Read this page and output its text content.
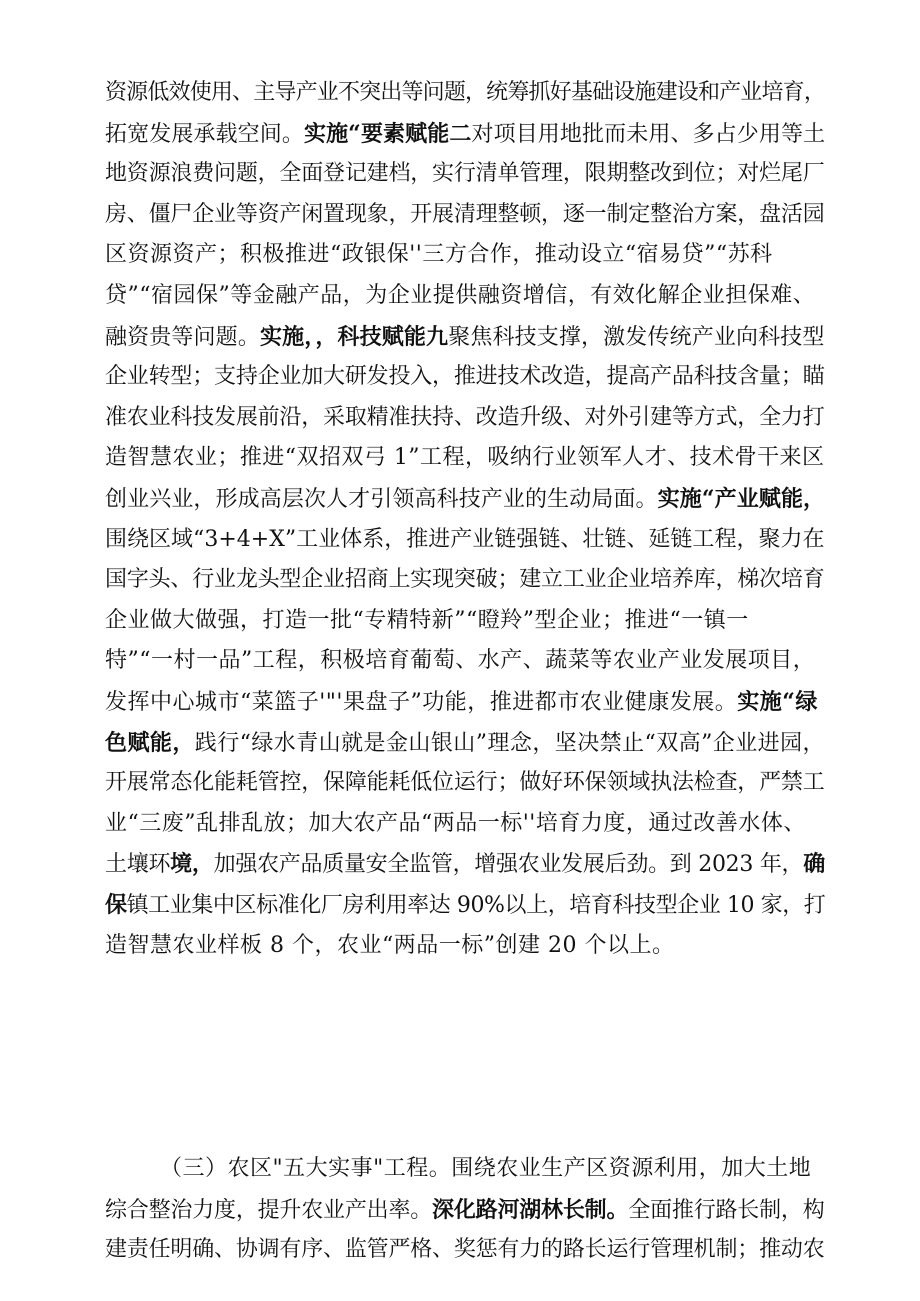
资源低效使用、主导产业不突出等问题，统筹抓好基础设施建设和产业培育，
拓宽发展承载空间。实施“要素赋能二对项目用地批而未用、多占少用等土
地资源浪费问题，全面登记建档，实行清单管理，限期整改到位；对烂尾厂
房、僵尸企业等资产闲置现象，开展清理整顿，逐一制定整治方案，盘活园
区资源资产；积极推进“政银保''三方合作，推动设立“宿易贷”“苏科
贷”“宿园保”等金融产品，为企业提供融资增信，有效化解企业担保难、
融资贵等问题。实施，，科技赋能九聚焦科技支撑，激发传统产业向科技型
企业转型；支持企业加大研发投入，推进技术改造，提高产品科技含量；瞄
准农业科技发展前沿，采取精准扶持、改造升级、对外引建等方式，全力打
造智慧农业；推进“双招双弓 1”工程，吸纳行业领军人才、技术骨干来区
创业兴业，形成高层次人才引领高科技产业的生动局面。实施“产业赋能，
围绕区域“3+4+X”工业体系，推进产业链强链、壮链、延链工程，聚力在
国字头、行业龙头型企业招商上实现突破；建立工业企业培养库，梯次培育
企业做大做强，打造一批“专精特新”“瞪羚”型企业；推进“一镇一
特”“一村一品”工程，积极培育葡萄、水产、蔬菜等农业产业发展项目，
发挥中心城市“菜篮子'"'果盘子”功能，推进都市农业健康发展。实施“绿
色赋能，践行“绿水青山就是金山银山”理念，坚决禁止“双高”企业进园，
开展常态化能耗管控，保障能耗低位运行；做好环保领域执法检查，严禁工
业“三废”乱排乱放；加大农产品“两品一标''培育力度，通过改善水体、
土壤环境，加强农产品质量安全监管，增强农业发展后劲。到 2023 年，确
保镇工业集中区标准化厂房利用率达 90%以上，培育科技型企业 10 家，打
造智慧农业样板 8 个，农业“两品一标”创建 20 个以上。
（三）农区"五大实事"工程。围绕农业生产区资源利用，加大土地
综合整治力度，提升农业产出率。深化路河湖林长制。全面推行路长制，构
建责任明确、协调有序、监管严格、奖惩有力的路长运行管理机制；推动农
